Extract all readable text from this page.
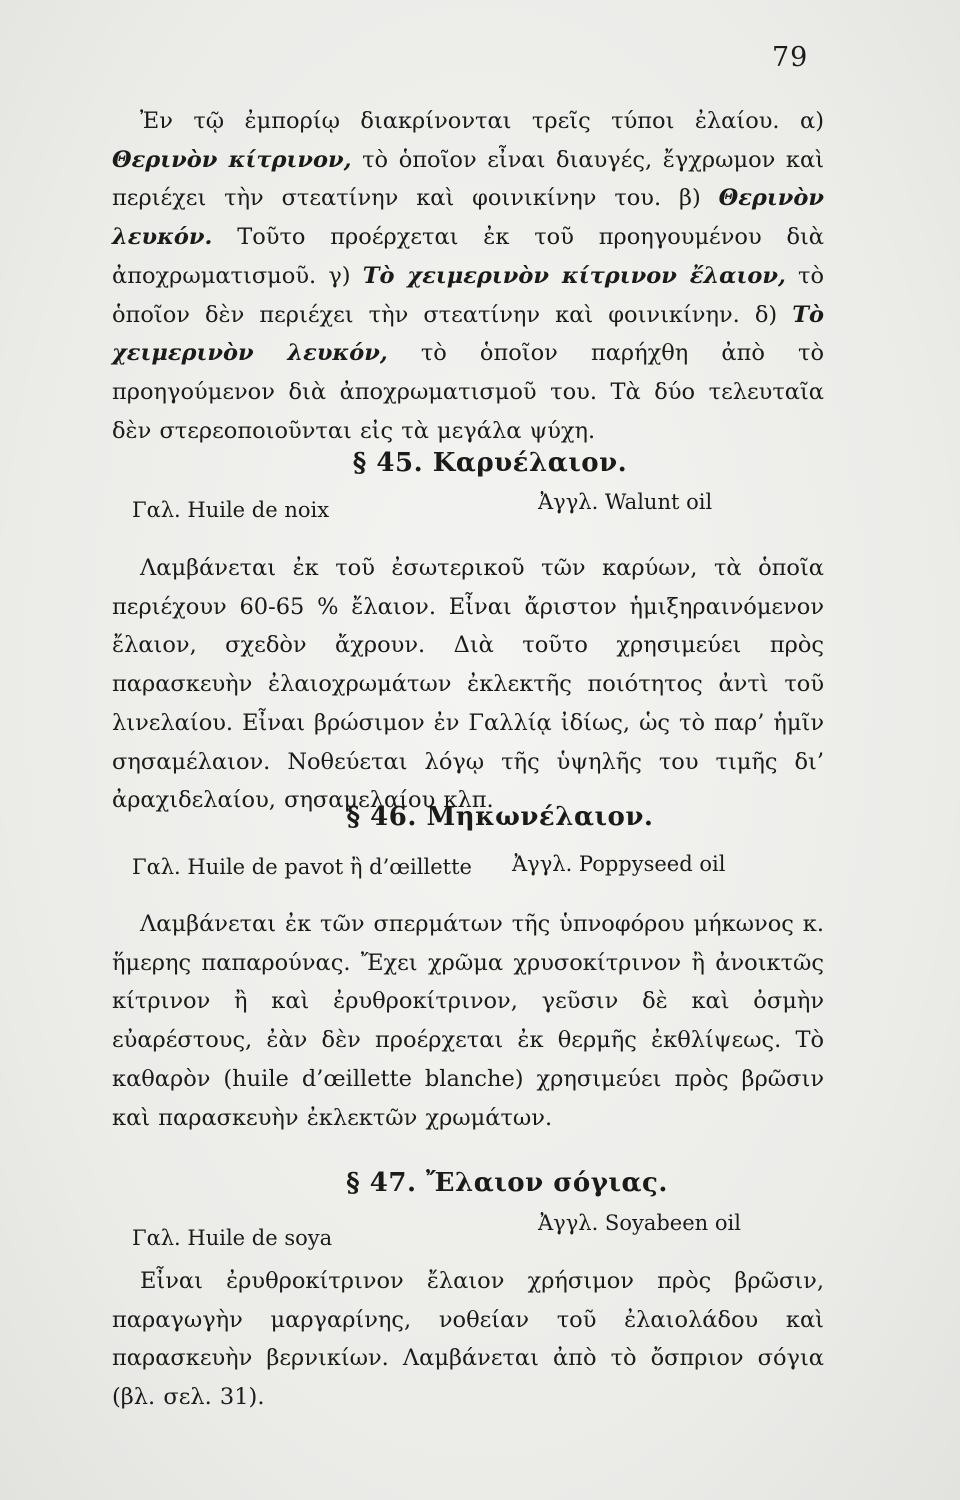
79
Ἐν τῷ ἐμπορίῳ διακρίνονται τρεῖς τύποι ἐλαίου. α) Θερινὸν κίτρινον, τὸ ὁποῖον εἶναι διαυγές, ἔγχρωμον καὶ περιέχει τὴν στεατίνην καὶ φοινικίνην του. β) Θερινὸν λευκόν. Τοῦτο προέρχεται ἐκ τοῦ προηγουμένου διὰ ἀποχρωματισμοῦ. γ) Τὸ χειμερινὸν κίτρινον ἔλαιον, τὸ ὁποῖον δὲν περιέχει τὴν στεατίνην καὶ φοινικίνην. δ) Τὸ χειμερινὸν λευκόν, τὸ ὁποῖον παρήχθη ἀπὸ τὸ προηγούμενον διὰ ἀποχρωματισμοῦ του. Τὰ δύο τελευταῖα δὲν στερεοποιοῦνται εἰς τὰ μεγάλα ψύχη.
§ 45. Καρυέλαιον.
Γαλ. Huile de noix	Ἀγγλ. Walunt oil
Λαμβάνεται ἐκ τοῦ ἐσωτερικοῦ τῶν καρύων, τὰ ὁποῖα περιέχουν 60-65 % ἔλαιον. Εἶναι ἄριστον ἡμιξηραινόμενον ἔλαιον, σχεδὸν ἄχρουν. Διὰ τοῦτο χρησιμεύει πρὸς παρασκευὴν ἐλαιοχρωμάτων ἐκλεκτῆς ποιότητος ἀντὶ τοῦ λινελαίου. Εἶναι βρώσιμον ἐν Γαλλίᾳ ἰδίως, ὡς τὸ παρ’ ἡμῖν σησαμέλαιον. Νοθεύεται λόγῳ τῆς ὑψηλῆς του τιμῆς δι’ ἀραχιδελαίου, σησαμελαίου κλπ.
§ 46. Μηκωνέλαιον.
Γαλ. Huile de pavot ἢ d’œillette Ἀγγλ. Poppyseed oil
Λαμβάνεται ἐκ τῶν σπερμάτων τῆς ὑπνοφόρου μήκωνος κ. ἥμερης παπαρούνας. Ἔχει χρῶμα χρυσοκίτρινον ἢ ἀνοικτῶς κίτρινον ἢ καὶ ἐρυθροκίτρινον, γεῦσιν δὲ καὶ ὀσμὴν εὐαρέστους, ἐὰν δὲν προέρχεται ἐκ θερμῆς ἐκθλίψεως. Τὸ καθαρὸν (huile d’œillette blanche) χρησιμεύει πρὸς βρῶσιν καὶ παρασκευὴν ἐκλεκτῶν χρωμάτων.
§ 47. Ἔλαιον σόγιας.
Γαλ. Huile de soya
Ἀγγλ. Soyabeen oil
Εἶναι ἐρυθροκίτρινον ἔλαιον χρήσιμον πρὸς βρῶσιν, παραγωγὴν μαργαρίνης, νοθείαν τοῦ ἐλαιολάδου καὶ παρασκευὴν βερνικίων. Λαμβάνεται ἀπὸ τὸ ὄσπριον σόγια (βλ. σελ. 31).
